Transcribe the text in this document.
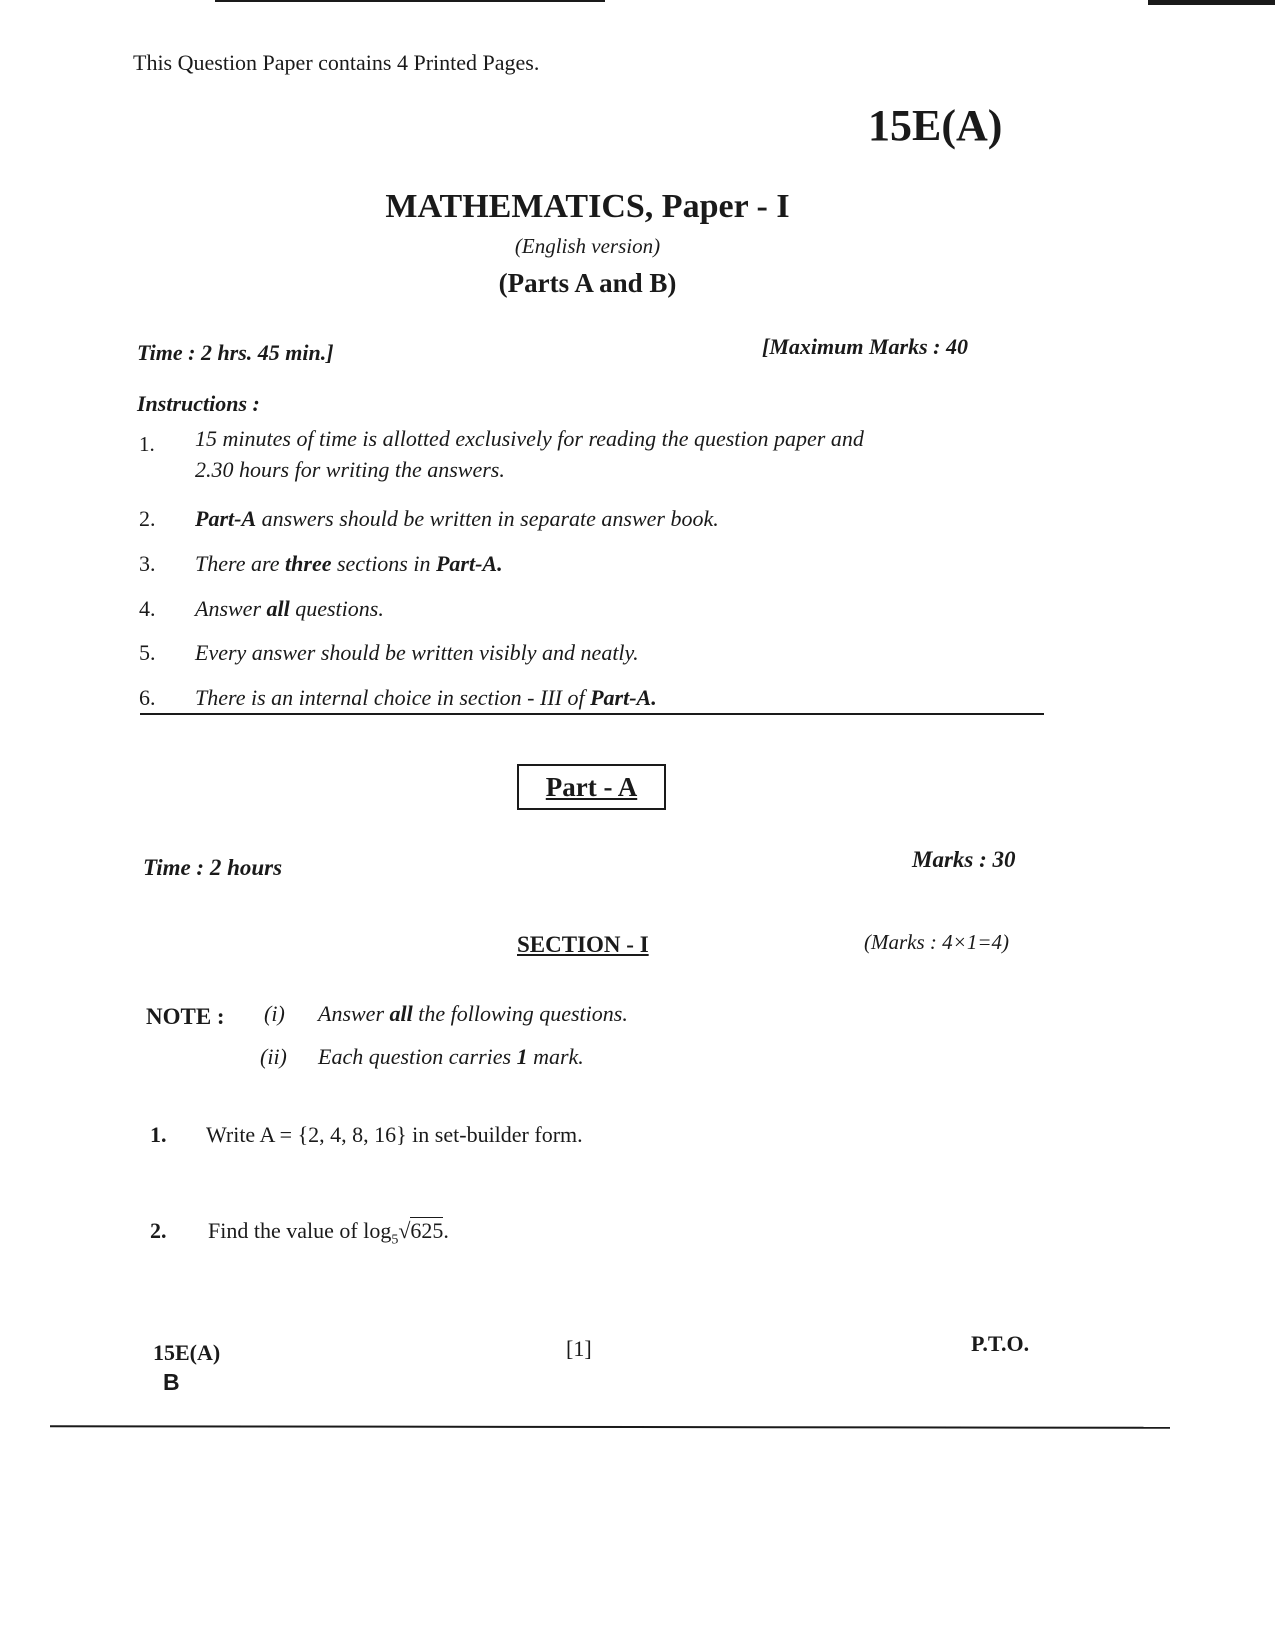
This Question Paper contains 4 Printed Pages.
15E(A)
MATHEMATICS, Paper - I
(English version)
(Parts A and B)
Time : 2 hrs. 45 min.]	[Maximum Marks : 40
Instructions :
1. 15 minutes of time is allotted exclusively for reading the question paper and
2.30 hours for writing the answers.
2. Part-A answers should be written in separate answer book.
3. There are three sections in Part-A.
4. Answer all questions.
5. Every answer should be written visibly and neatly.
6. There is an internal choice in section - III of Part-A.
Part - A
Time : 2 hours	Marks : 30
SECTION - I	(Marks : 4×1=4)
NOTE : (i) Answer all the following questions.
(ii) Each question carries 1 mark.
1. Write A = {2, 4, 8, 16} in set-builder form.
2. Find the value of $\log_5√625$.
15E(A)
B
[1]	P.T.O.
